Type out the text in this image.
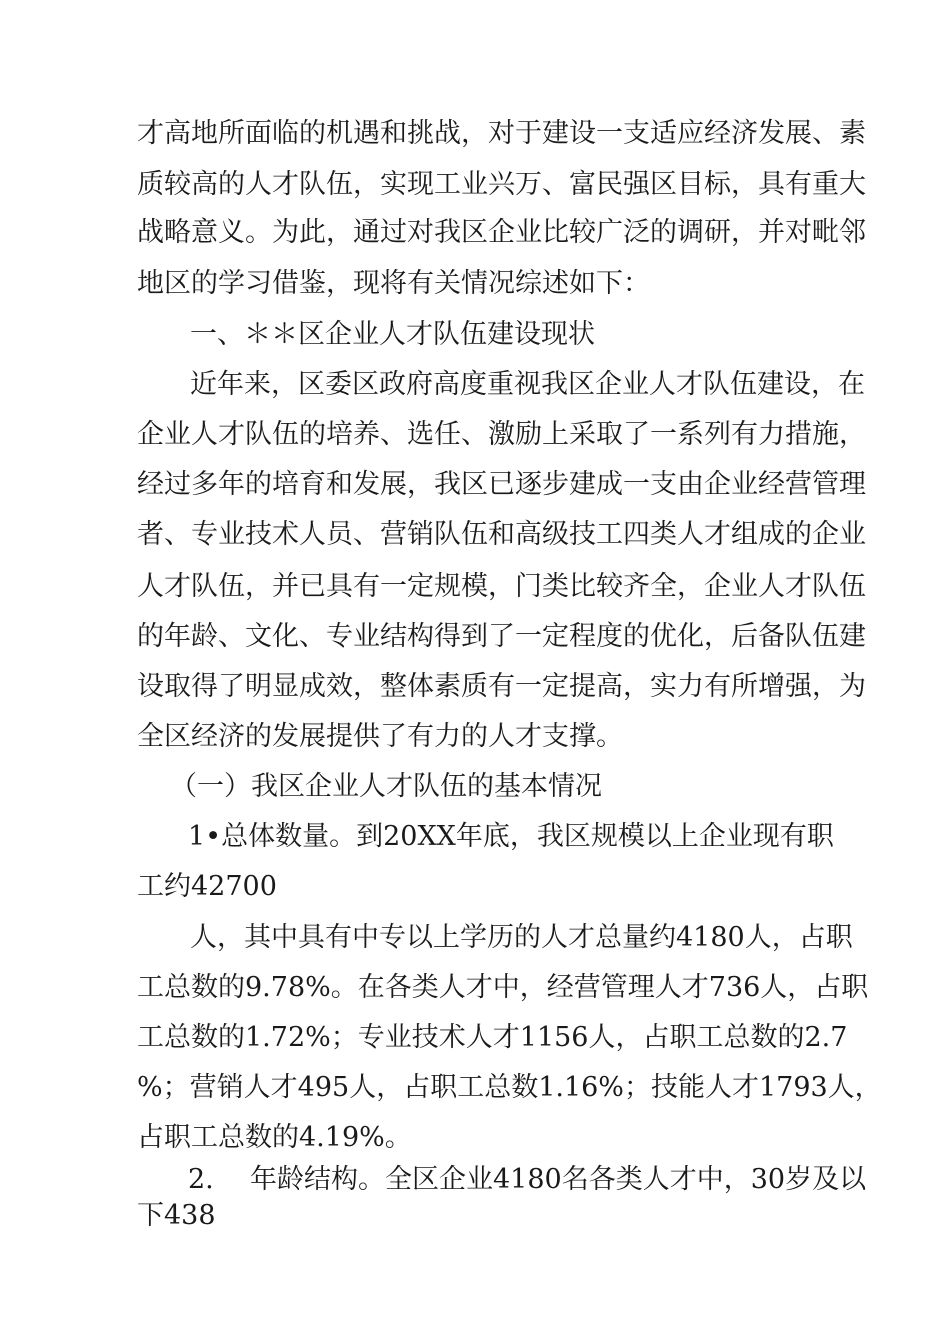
才高地所面临的机遇和挑战，对于建设一支适应经济发展、素
质较高的人才队伍，实现工业兴万、富民强区目标，具有重大
战略意义。为此，通过对我区企业比较广泛的调研，并对毗邻
地区的学习借鉴，现将有关情况综述如下：
一、＊＊区企业人才队伍建设现状
近年来，区委区政府高度重视我区企业人才队伍建设，在
企业人才队伍的培养、选任、激励上采取了一系列有力措施，
经过多年的培育和发展，我区已逐步建成一支由企业经营管理
者、专业技术人员、营销队伍和高级技工四类人才组成的企业
人才队伍，并已具有一定规模，门类比较齐全，企业人才队伍
的年龄、文化、专业结构得到了一定程度的优化，后备队伍建
设取得了明显成效，整体素质有一定提高，实力有所增强，为
全区经济的发展提供了有力的人才支撑。
（一）我区企业人才队伍的基本情况
1•总体数量。到20XX年底，我区规模以上企业现有职
工约42700
人，其中具有中专以上学历的人才总量约4180人，占职
工总数的9.78%。在各类人才中，经营管理人才736人，占职
工总数的1.72%；专业技术人才1156人，占职工总数的2.7
%；营销人才495人，占职工总数1.16%；技能人才1793人，
占职工总数的4.19%。
2. 年龄结构。全区企业4180名各类人才中，30岁及以
下438
